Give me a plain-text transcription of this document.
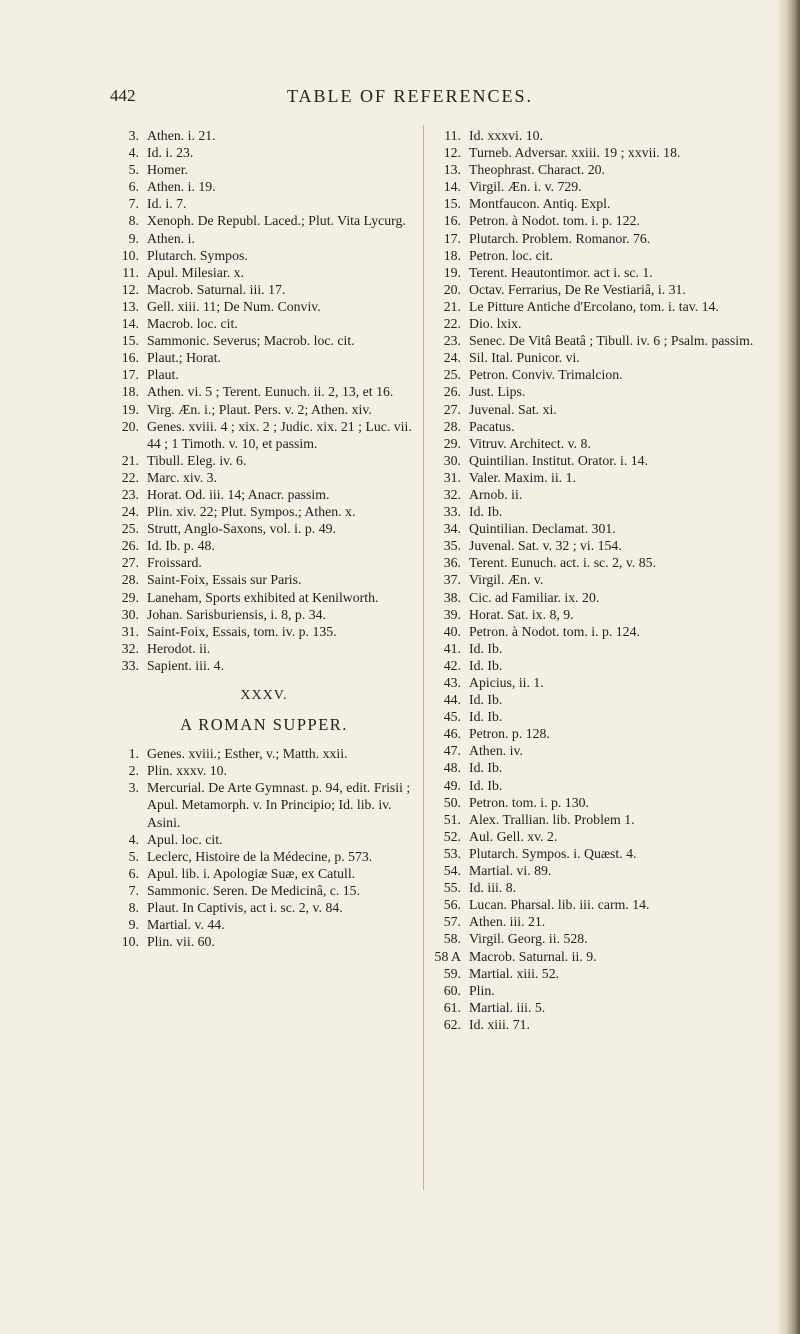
442	TABLE OF REFERENCES.
3. Athen. i. 21.
4. Id. i. 23.
5. Homer.
6. Athen. i. 19.
7. Id. i. 7.
8. Xenoph. De Republ. Laced.; Plut. Vita Lycurg.
9. Athen. i.
10. Plutarch. Sympos.
11. Apul. Milesiar. x.
12. Macrob. Saturnal. iii. 17.
13. Gell. xiii. 11; De Num. Conviv.
14. Macrob. loc. cit.
15. Sammonic. Severus; Macrob. loc. cit.
16. Plaut.; Horat.
17. Plaut.
18. Athen. vi. 5 ; Terent. Eunuch. ii. 2, 13, et 16.
19. Virg. Æn. i.; Plaut. Pers. v. 2; Athen. xiv.
20. Genes. xviii. 4 ; xix. 2 ; Judic. xix. 21 ; Luc. vii. 44 ; 1 Timoth. v. 10, et passim.
21. Tibull. Eleg. iv. 6.
22. Marc. xiv. 3.
23. Horat. Od. iii. 14; Anacr. passim.
24. Plin. xiv. 22; Plut. Sympos.; Athen. x.
25. Strutt, Anglo-Saxons, vol. i. p. 49.
26. Id. Ib. p. 48.
27. Froissard.
28. Saint-Foix, Essais sur Paris.
29. Laneham, Sports exhibited at Kenilworth.
30. Johan. Sarisburiensis, i. 8, p. 34.
31. Saint-Foix, Essais, tom. iv. p. 135.
32. Herodot. ii.
33. Sapient. iii. 4.
XXXV.
A ROMAN SUPPER.
1. Genes. xviii.; Esther, v.; Matth. xxii.
2. Plin. xxxv. 10.
3. Mercurial. De Arte Gymnast. p. 94, edit. Frisii ; Apul. Metamorph. v. In Principio; Id. lib. iv. Asini.
4. Apul. loc. cit.
5. Leclerc, Histoire de la Médecine, p. 573.
6. Apul. lib. i. Apologiæ Suæ, ex Catull.
7. Sammonic. Seren. De Medicinâ, c. 15.
8. Plaut. In Captivis, act i. sc. 2, v. 84.
9. Martial. v. 44.
10. Plin. vii. 60.
11. Id. xxxvi. 10.
12. Turneb. Adversar. xxiii. 19 ; xxvii. 18.
13. Theophrast. Charact. 20.
14. Virgil. Æn. i. v. 729.
15. Montfaucon. Antiq. Expl.
16. Petron. à Nodot. tom. i. p. 122.
17. Plutarch. Problem. Romanor. 76.
18. Petron. loc. cit.
19. Terent. Heautontimor. act i. sc. 1.
20. Octav. Ferrarius, De Re Vestiariâ, i. 31.
21. Le Pitture Antiche d'Ercolano, tom. i. tav. 14.
22. Dio. lxix.
23. Senec. De Vitâ Beatâ ; Tibull. iv. 6 ; Psalm. passim.
24. Sil. Ital. Punicor. vi.
25. Petron. Conviv. Trimalcion.
26. Just. Lips.
27. Juvenal. Sat. xi.
28. Pacatus.
29. Vitruv. Architect. v. 8.
30. Quintilian. Institut. Orator. i. 14.
31. Valer. Maxim. ii. 1.
32. Arnob. ii.
33. Id. Ib.
34. Quintilian. Declamat. 301.
35. Juvenal. Sat. v. 32 ; vi. 154.
36. Terent. Eunuch. act. i. sc. 2, v. 85.
37. Virgil. Æn. v.
38. Cic. ad Familiar. ix. 20.
39. Horat. Sat. ix. 8, 9.
40. Petron. à Nodot. tom. i. p. 124.
41. Id. Ib.
42. Id. Ib.
43. Apicius, ii. 1.
44. Id. Ib.
45. Id. Ib.
46. Petron. p. 128.
47. Athen. iv.
48. Id. Ib.
49. Id. Ib.
50. Petron. tom. i. p. 130.
51. Alex. Trallian. lib. Problem 1.
52. Aul. Gell. xv. 2.
53. Plutarch. Sympos. i. Quæst. 4.
54. Martial. vi. 89.
55. Id. iii. 8.
56. Lucan. Pharsal. lib. iii. carm. 14.
57. Athen. iii. 21.
58. Virgil. Georg. ii. 528.
58 A Macrob. Saturnal. ii. 9.
59. Martial. xiii. 52.
60. Plin.
61. Martial. iii. 5.
62. Id. xiii. 71.
